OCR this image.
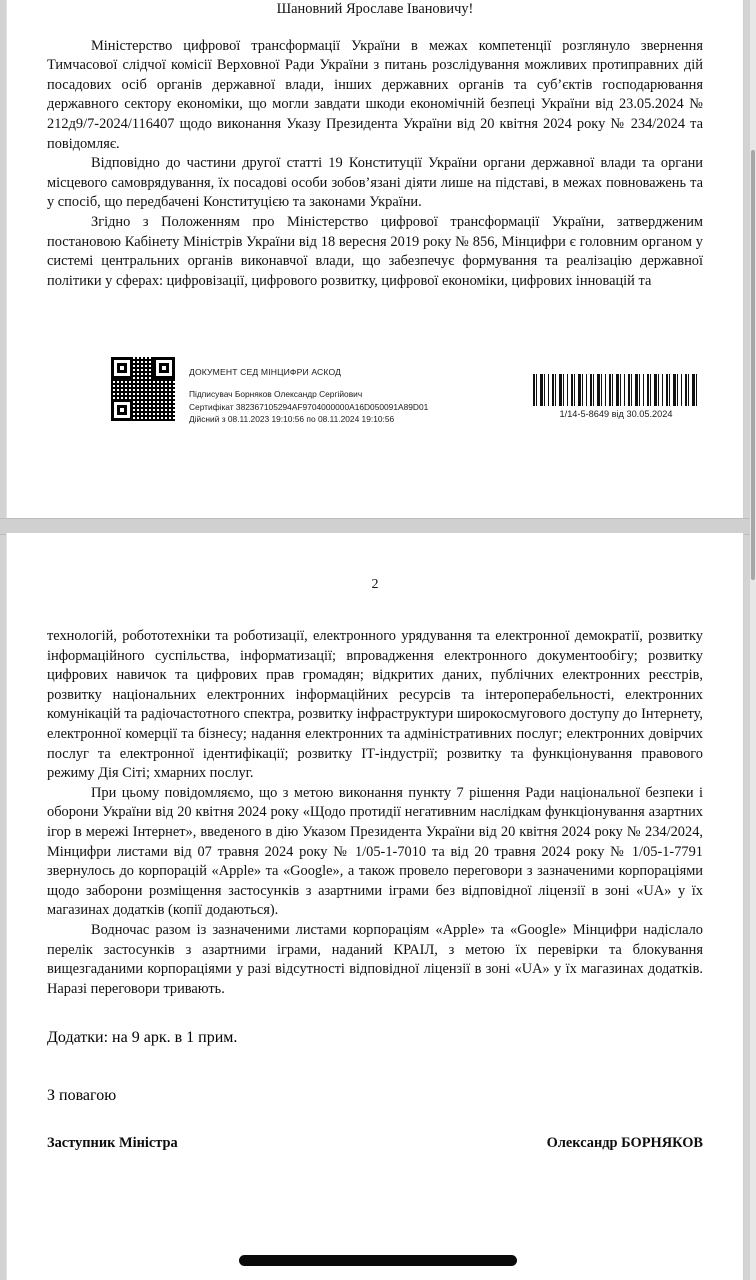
Шановний Ярославе Івановичу!

Міністерство цифрової трансформації України в межах компетенції розглянуло звернення Тимчасової слідчої комісії Верховної Ради України з питань розслідування можливих протиправних дій посадових осіб органів державної влади, інших державних органів та суб’єктів господарювання державного сектору економіки, що могли завдати шкоди економічній безпеці України від 23.05.2024 № 212д9/7-2024/116407 щодо виконання Указу Президента України від 20 квітня 2024 року № 234/2024 та повідомляє.

Відповідно до частини другої статті 19 Конституції України органи державної влади та органи місцевого самоврядування, їх посадові особи зобов’язані діяти лише на підставі, в межах повноважень та у спосіб, що передбачені Конституцією та законами України.

Згідно з Положенням про Міністерство цифрової трансформації України, затвердженим постановою Кабінету Міністрів України від 18 вересня 2019 року № 856, Мінцифри є головним органом у системі центральних органів виконавчої влади, що забезпечує формування та реалізацію державної політики у сферах: цифровізації, цифрового розвитку, цифрової економіки, цифрових інновацій та

ДОКУМЕНТ СЕД МІНЦИФРИ АСКОД
Підписувач Борняков Олександр Сергійович
Сертифікат 382367105294AF9704000000A16D050091A89D01
Дійсний з 08.11.2023 19:10:56 по 08.11.2024 19:10:56	1/14-5-8649 від 30.05.2024
2

технологій, робототехніки та роботизації, електронного урядування та електронної демократії, розвитку інформаційного суспільства, інформатизації; впровадження електронного документообігу; розвитку цифрових навичок та цифрових прав громадян; відкритих даних, публічних електронних реєстрів, розвитку національних електронних інформаційних ресурсів та інтероперабельності, електронних комунікацій та радіочастотного спектра, розвитку інфраструктури широкосмугового доступу до Інтернету, електронної комерції та бізнесу; надання електронних та адміністративних послуг; електронних довірчих послуг та електронної ідентифікації; розвитку ІТ-індустрії; розвитку та функціонування правового режиму Дія Сіті; хмарних послуг.

При цьому повідомляємо, що з метою виконання пункту 7 рішення Ради національної безпеки і оборони України від 20 квітня 2024 року «Щодо протидії негативним наслідкам функціонування азартних ігор в мережі Інтернет», введеного в дію Указом Президента України від 20 квітня 2024 року № 234/2024, Мінцифри листами від 07 травня 2024 року № 1/05-1-7010 та від 20 травня 2024 року № 1/05-1-7791 звернулось до корпорацій «Apple» та «Google», а також провело переговори з зазначеними корпораціями щодо заборони розміщення застосунків з азартними іграми без відповідної ліцензії в зоні «UA» у їх магазинах додатків (копії додаються).

Водночас разом із зазначеними листами корпораціям «Apple» та «Google» Мінцифри надіслало перелік застосунків з азартними іграми, наданий КРАІЛ, з метою їх перевірки та блокування вищезгаданими корпораціями у разі відсутності відповідної ліцензії в зоні «UA» у їх магазинах додатків. Наразі переговори тривають.

Додатки: на 9 арк. в 1 прим.

З повагою

Заступник Міністра	Олександр БОРНЯКОВ
